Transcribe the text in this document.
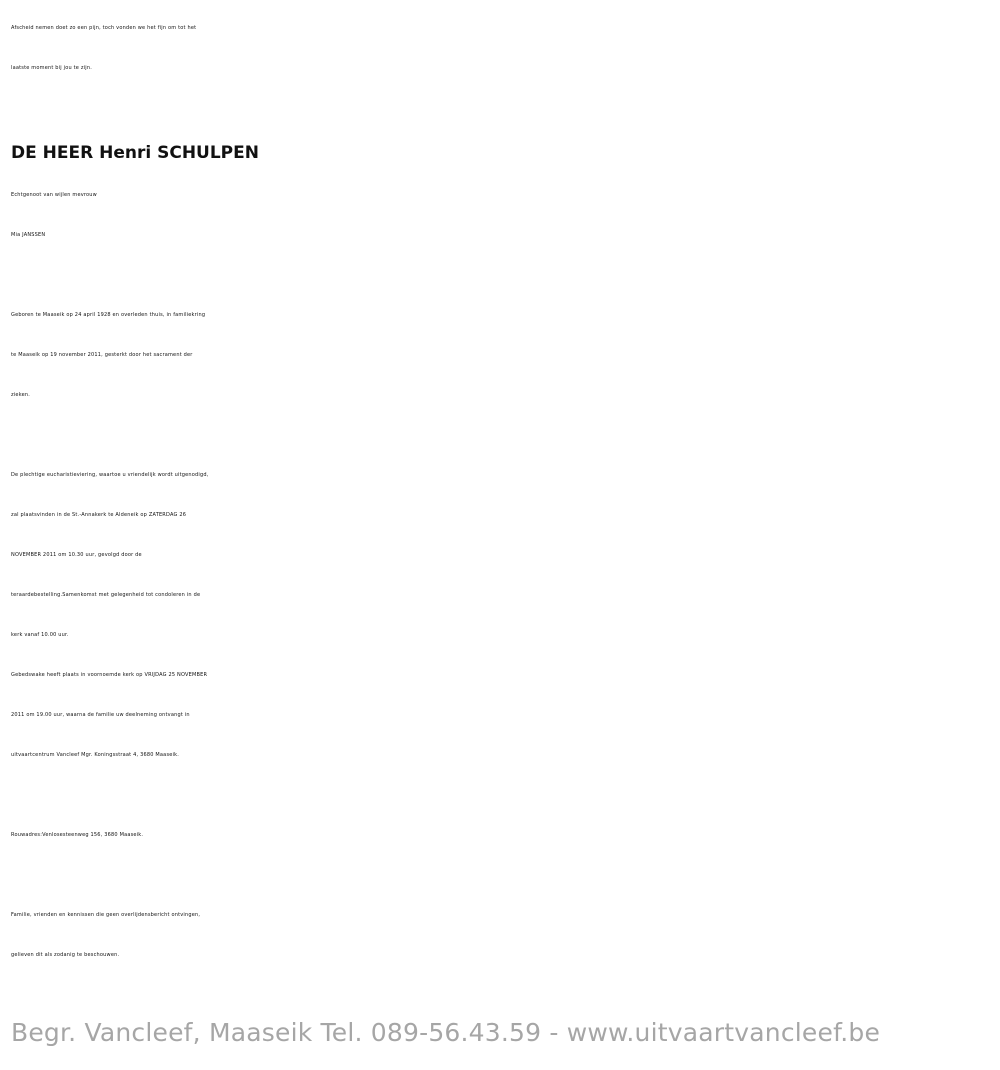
Afscheid nemen doet zo een pijn, toch vonden we het fijn om tot het
laatste moment bij jou te zijn.
DE HEER Henri SCHULPEN
Echtgenoot van wijlen mevrouw
Mia JANSSEN
Geboren te Maaseik op 24 april 1928 en overleden thuis, in familiekring
te Maaseik op 19 november 2011, gesterkt door het sacrament der
zieken.
De plechtige eucharistieviering, waartoe u vriendelijk wordt uitgenodigd,
zal plaatsvinden in de St.-Annakerk te Aldeneik op ZATERDAG 26
NOVEMBER 2011 om 10.30 uur, gevolgd door de
teraardebestelling.Samenkomst met gelegenheid tot condoleren in de
kerk vanaf 10.00 uur.
Gebedswake heeft plaats in voornoemde kerk op VRIJDAG 25 NOVEMBER
2011 om 19.00 uur, waarna de familie uw deelneming ontvangt in
uitvaartcentrum Vancleef Mgr. Koningsstraat 4, 3680 Maaseik.
Rouwadres:Venlosesteenweg 156, 3680 Maaseik.
Familie, vrienden en kennissen die geen overlijdensbericht ontvingen,
gelieven dit als zodanig te beschouwen.
Begr. Vancleef, Maaseik Tel. 089-56.43.59 - www.uitvaartvancleef.be
